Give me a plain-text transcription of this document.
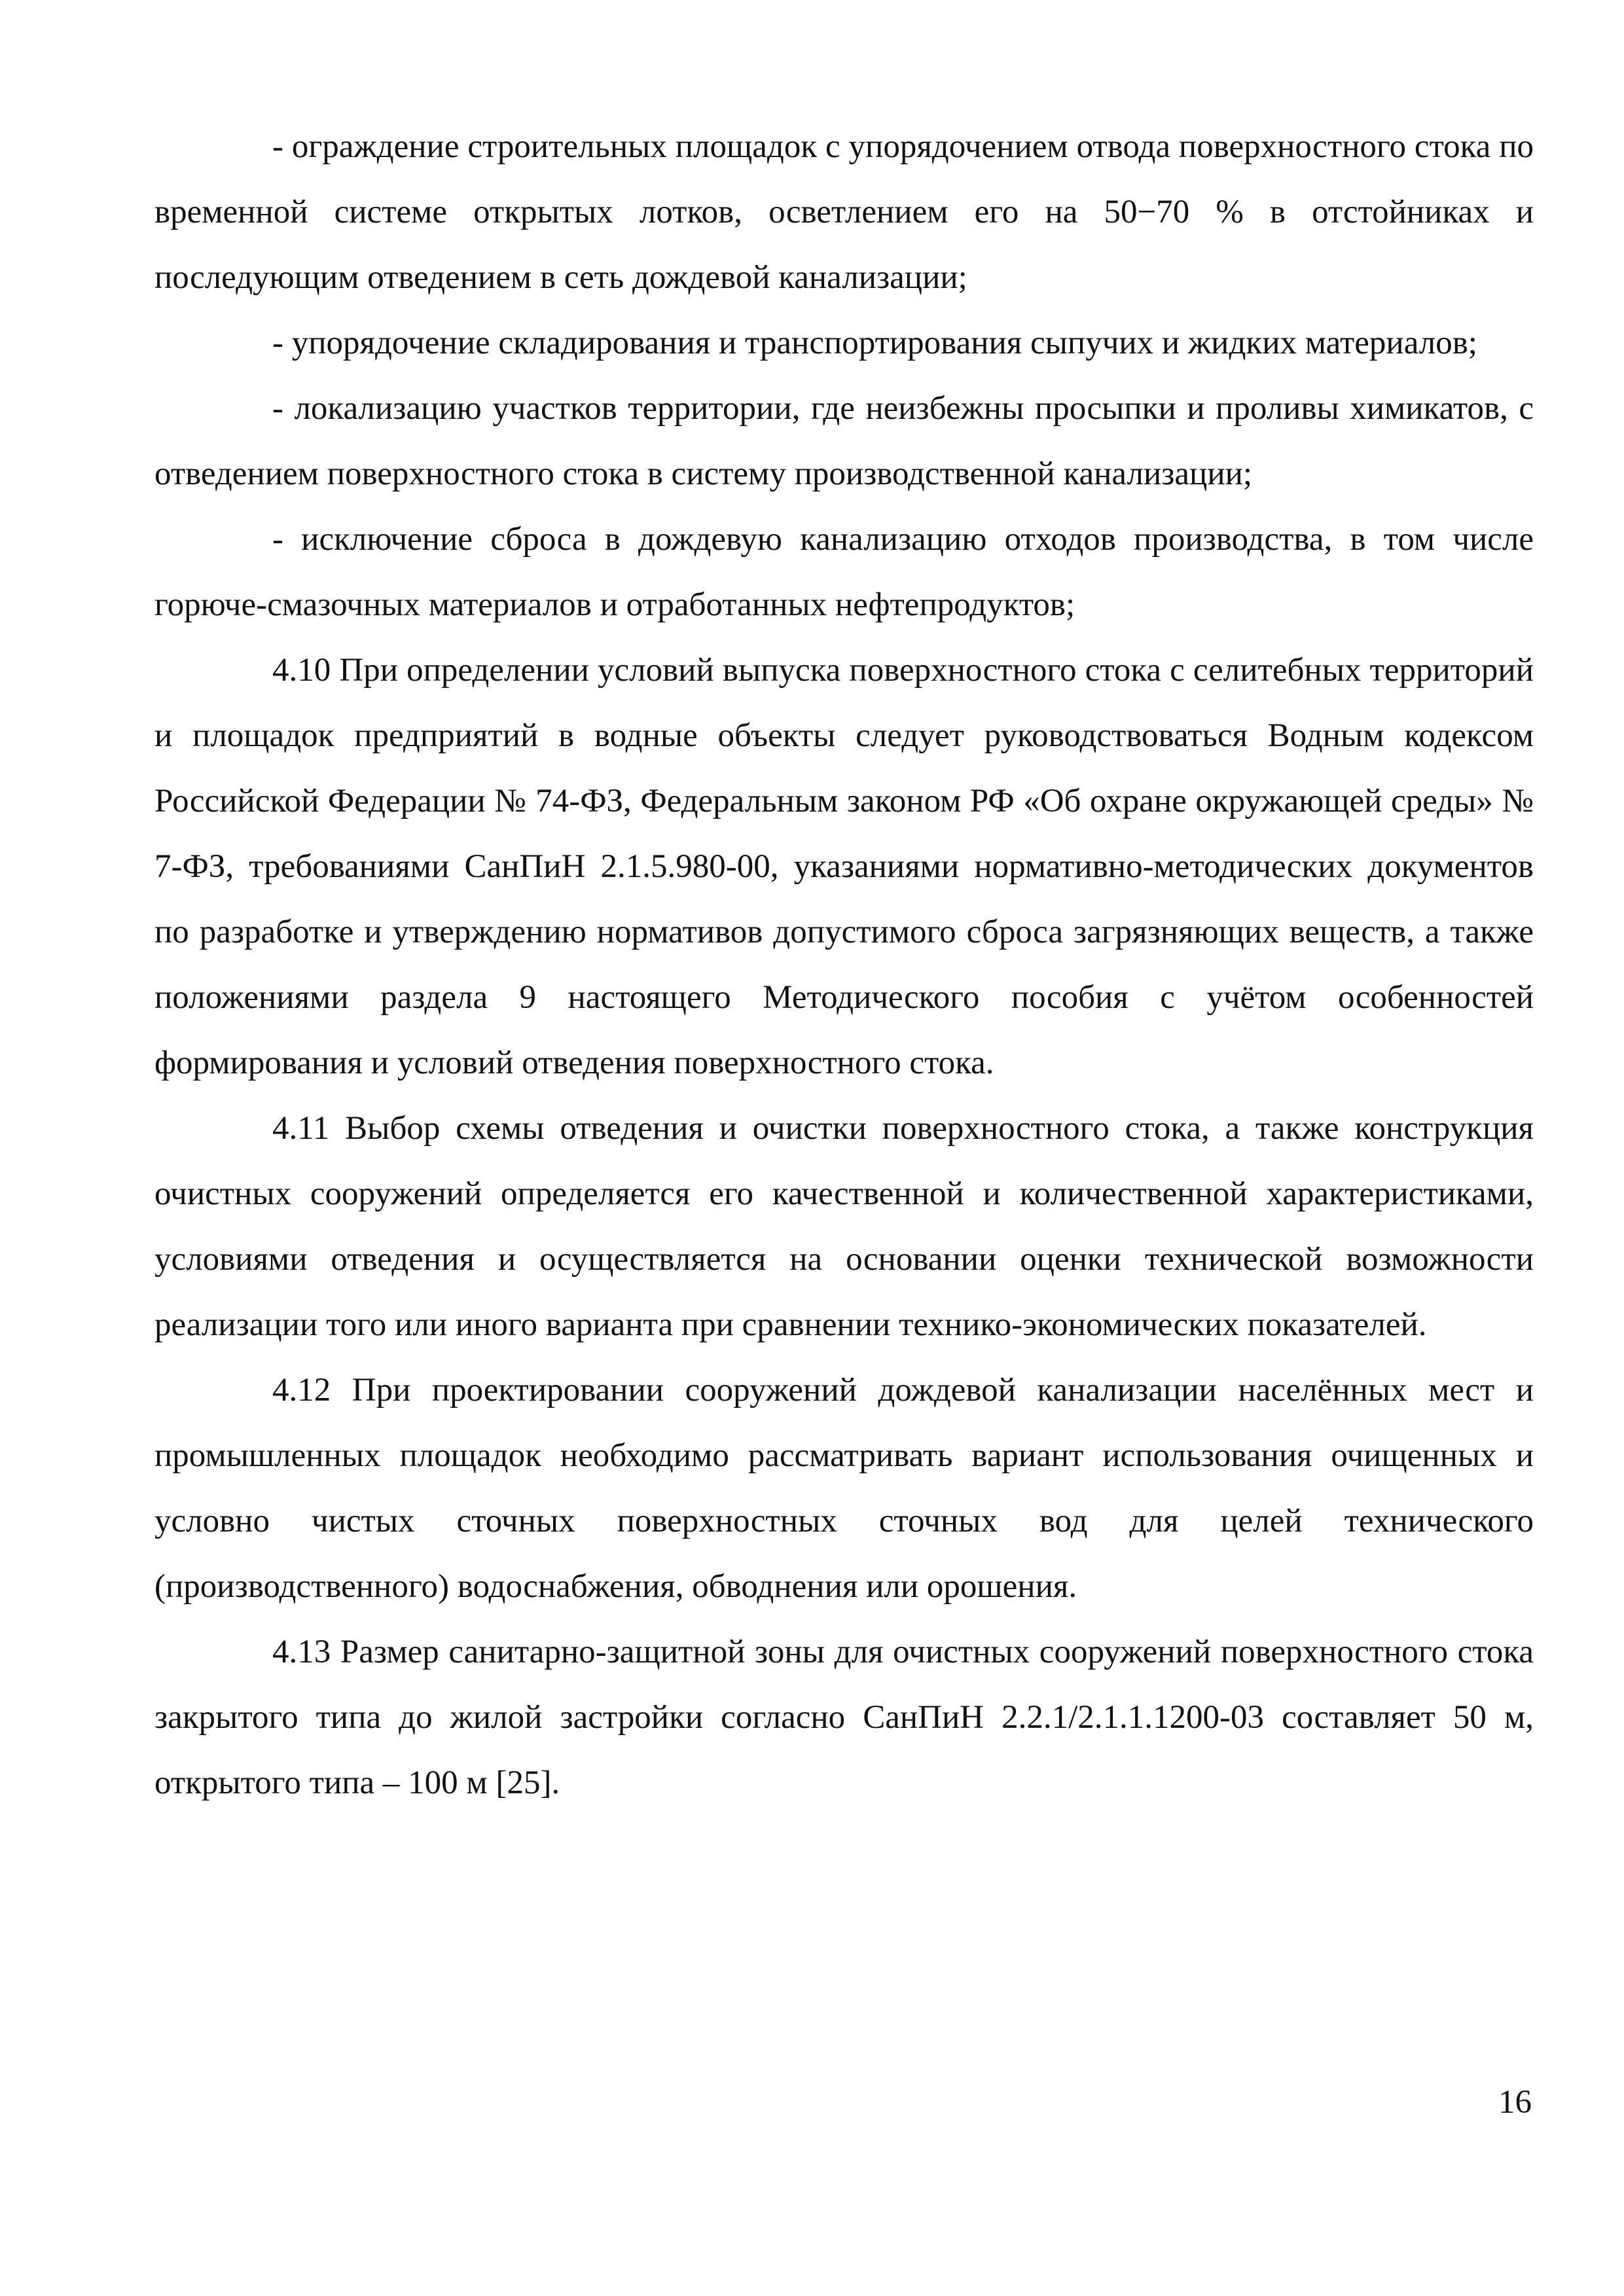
- ограждение строительных площадок с упорядочением отвода поверхностного стока по временной системе открытых лотков, осветлением его на 50−70 % в отстойниках и последующим отведением в сеть дождевой канализации;

- упорядочение складирования и транспортирования сыпучих и жидких материалов;

- локализацию участков территории, где неизбежны просыпки и проливы химикатов, с отведением поверхностного стока в систему производственной канализации;

- исключение сброса в дождевую канализацию отходов производства, в том числе горюче-смазочных материалов и отработанных нефтепродуктов;

4.10 При определении условий выпуска поверхностного стока с селитебных территорий и площадок предприятий в водные объекты следует руководствоваться Водным кодексом Российской Федерации № 74-ФЗ, Федеральным законом РФ «Об охране окружающей среды» № 7-ФЗ, требованиями СанПиН 2.1.5.980-00, указаниями нормативно-методических документов по разработке и утверждению нормативов допустимого сброса загрязняющих веществ, а также положениями раздела 9 настоящего Методического пособия с учётом особенностей формирования и условий отведения поверхностного стока.

4.11 Выбор схемы отведения и очистки поверхностного стока, а также конструкция очистных сооружений определяется его качественной и количественной характеристиками, условиями отведения и осуществляется на основании оценки технической возможности реализации того или иного варианта при сравнении технико-экономических показателей.

4.12 При проектировании сооружений дождевой канализации населённых мест и промышленных площадок необходимо рассматривать вариант использования очищенных и условно чистых сточных поверхностных сточных вод для целей технического (производственного) водоснабжения, обводнения или орошения.

4.13 Размер санитарно-защитной зоны для очистных сооружений поверхностного стока закрытого типа до жилой застройки согласно СанПиН 2.2.1/2.1.1.1200-03 составляет 50 м, открытого типа – 100 м [25].

16
